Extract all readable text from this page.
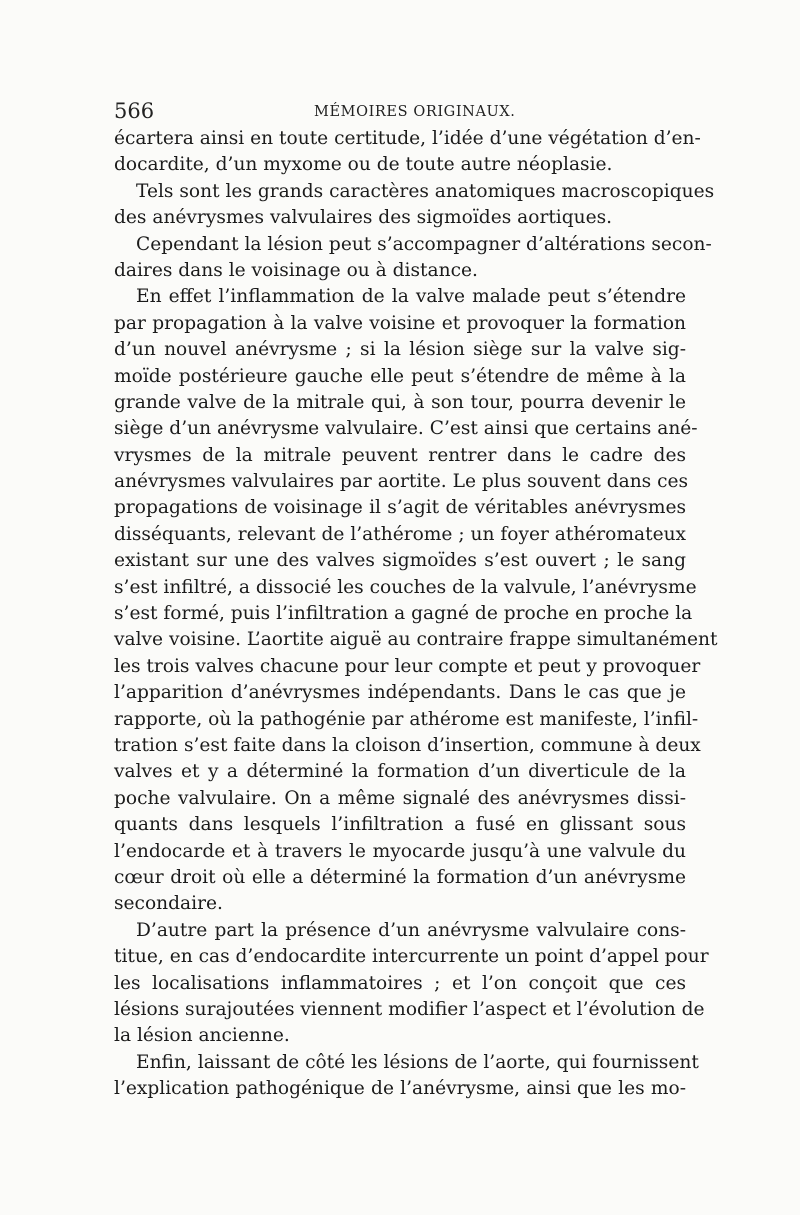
566	MÉMOIRES ORIGINAUX.
écartera ainsi en toute certitude, l’idée d’une végétation d’en-
docardite, d’un myxome ou de toute autre néoplasie.
Tels sont les grands caractères anatomiques macroscopiques
des anévrysmes valvulaires des sigmoïdes aortiques.
Cependant la lésion peut s’accompagner d’altérations secon-
daires dans le voisinage ou à distance.
En effet l’inflammation de la valve malade peut s’étendre
par propagation à la valve voisine et provoquer la formation
d’un nouvel anévrysme ; si la lésion siège sur la valve sig-
moïde postérieure gauche elle peut s’étendre de même à la
grande valve de la mitrale qui, à son tour, pourra devenir le
siège d’un anévrysme valvulaire. C’est ainsi que certains ané-
vrysmes de la mitrale peuvent rentrer dans le cadre des
anévrysmes valvulaires par aortite. Le plus souvent dans ces
propagations de voisinage il s’agit de véritables anévrysmes
disséquants, relevant de l’athérome ; un foyer athéromateux
existant sur une des valves sigmoïdes s’est ouvert ; le sang
s’est infiltré, a dissocié les couches de la valvule, l’anévrysme
s’est formé, puis l’infiltration a gagné de proche en proche la
valve voisine. L’aortite aiguë au contraire frappe simultanément
les trois valves chacune pour leur compte et peut y provoquer
l’apparition d’anévrysmes indépendants. Dans le cas que je
rapporte, où la pathogénie par athérome est manifeste, l’infil-
tration s’est faite dans la cloison d’insertion, commune à deux
valves et y a déterminé la formation d’un diverticule de la
poche valvulaire. On a même signalé des anévrysmes dissi-
quants dans lesquels l’infiltration a fusé en glissant sous
l’endocarde et à travers le myocarde jusqu’à une valvule du
cœur droit où elle a déterminé la formation d’un anévrysme
secondaire.
D’autre part la présence d’un anévrysme valvulaire cons-
titue, en cas d’endocardite intercurrente un point d’appel pour
les localisations inflammatoires ; et l’on conçoit que ces
lésions surajoutées viennent modifier l’aspect et l’évolution de
la lésion ancienne.
Enfin, laissant de côté les lésions de l’aorte, qui fournissent
l’explication pathogénique de l’anévrysme, ainsi que les mo-
